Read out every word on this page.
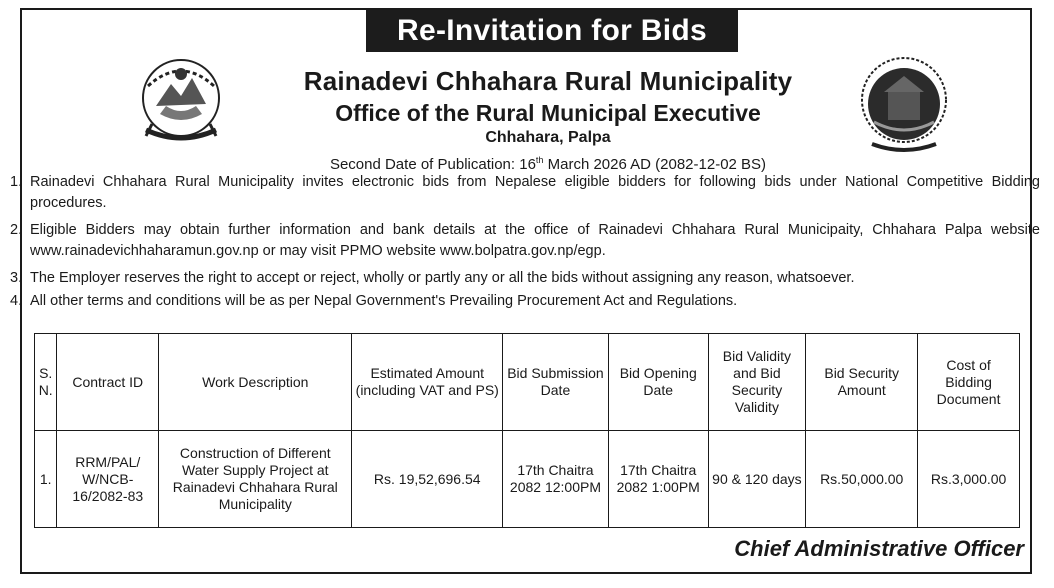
Re-Invitation for Bids
Rainadevi Chhahara Rural Municipality
Office of the Rural Municipal Executive
Chhahara, Palpa
Second Date of Publication: 16th March 2026 AD (2082-12-02 BS)
1. Rainadevi Chhahara Rural Municipality invites electronic bids from Nepalese eligible bidders for following bids under National Competitive Bidding procedures.
2. Eligible Bidders may obtain further information and bank details at the office of Rainadevi Chhahara Rural Municipaity, Chhahara Palpa website www.rainadevichhaharamun.gov.np or may visit PPMO website www.bolpatra.gov.np/egp.
3. The Employer reserves the right to accept or reject, wholly or partly any or all the bids without assigning any reason, whatsoever.
4. All other terms and conditions will be as per Nepal Government's Prevailing Procurement Act and Regulations.
S. N.	Contract ID	Work Description	Estimated Amount (including VAT and PS)	Bid Submission Date	Bid Opening Date	Bid Validity and Bid Security Validity	Bid Security Amount	Cost of Bidding Document
1.	RRM/PAL/ W/NCB- 16/2082-83	Construction of Different Water Supply Project at Rainadevi Chhahara Rural Municipality	Rs. 19,52,696.54	17th Chaitra 2082 12:00PM	17th Chaitra 2082 1:00PM	90 & 120 days	Rs.50,000.00	Rs.3,000.00
Chief Administrative Officer
